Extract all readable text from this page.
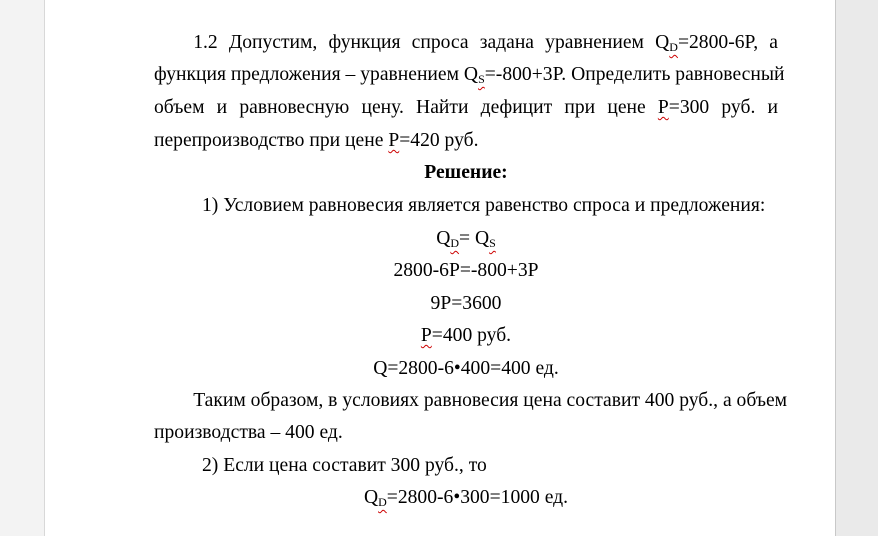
  1.2 Допустим, функция спроса задана уравнением $Q_D=2800-6P$, а
функция предложения – уравнением $Q_S=-800+3P$. Определить равновесный
объем и равновесную цену. Найти дефицит при цене Р=300 руб. и
перепроизводство при цене Р=420 руб.
Решение:
1) Условием равновесия является равенство спроса и предложения:
$Q_D= Q_S$
2800-6P=-800+3P
9P=3600
Р=400 руб.
Q=2800-6•400=400 ед.
  Таким образом, в условиях равновесия цена составит 400 руб., а объем
производства – 400 ед.
2) Если цена составит 300 руб., то
$Q_D=2800-6•300=1000$ ед.
